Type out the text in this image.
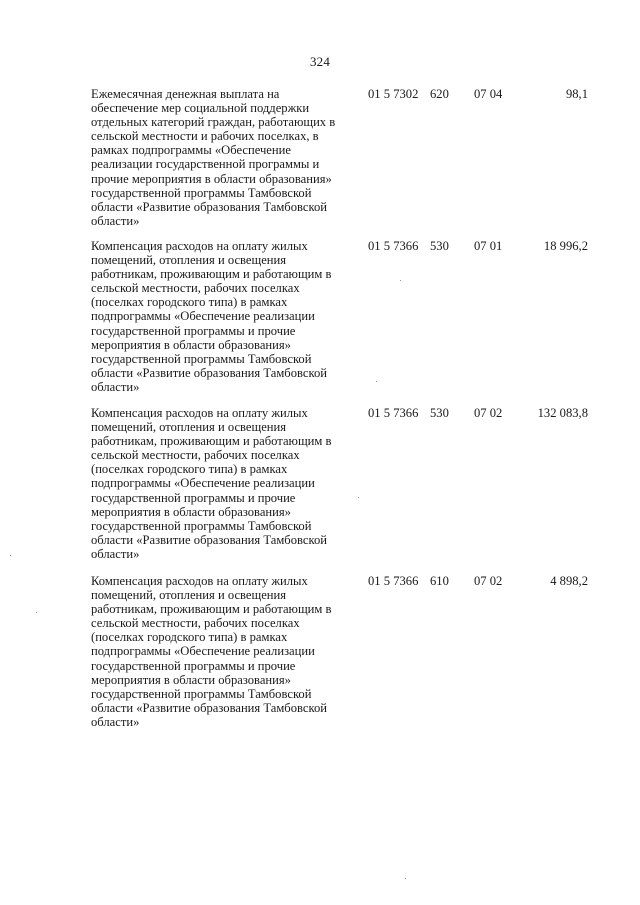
324
Ежемесячная денежная выплата на
обеспечение мер социальной поддержки
отдельных категорий граждан, работающих в
сельской местности и рабочих поселках, в
рамках подпрограммы «Обеспечение
реализации государственной программы и
прочие мероприятия в области образования»
государственной программы Тамбовской
области «Развитие образования Тамбовской
области»
01 5 7302 620 07 04	98,1
Компенсация расходов на оплату жилых
помещений, отопления и освещения
работникам, проживающим и работающим в
сельской местности, рабочих поселках
(поселках городского типа) в рамках
подпрограммы «Обеспечение реализации
государственной программы и прочие
мероприятия в области образования»
государственной программы Тамбовской
области «Развитие образования Тамбовской
области»
01 5 7366 530 07 01	18 996,2
Компенсация расходов на оплату жилых
помещений, отопления и освещения
работникам, проживающим и работающим в
сельской местности, рабочих поселках
(поселках городского типа) в рамках
подпрограммы «Обеспечение реализации
государственной программы и прочие
мероприятия в области образования»
государственной программы Тамбовской
области «Развитие образования Тамбовской
области»
01 5 7366 530 07 02	132 083,8
Компенсация расходов на оплату жилых
помещений, отопления и освещения
работникам, проживающим и работающим в
сельской местности, рабочих поселках
(поселках городского типа) в рамках
подпрограммы «Обеспечение реализации
государственной программы и прочие
мероприятия в области образования»
государственной программы Тамбовской
области «Развитие образования Тамбовской
области»
01 5 7366 610 07 02	4 898,2
